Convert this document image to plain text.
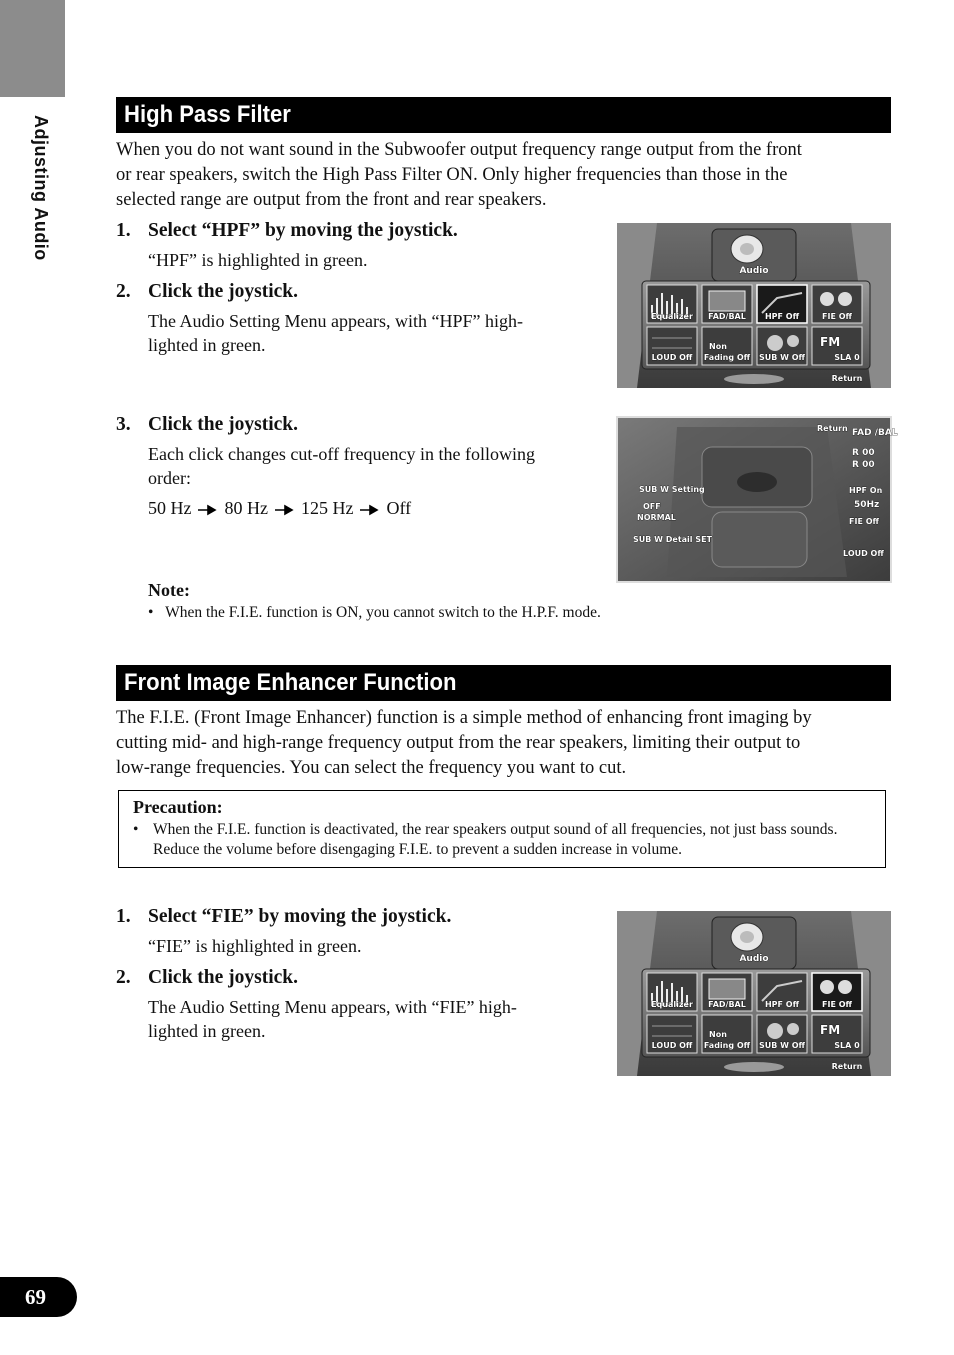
Adjusting Audio
High Pass Filter

When you do not want sound in the Subwoofer output frequency range output from the front
or rear speakers, switch the High Pass Filter ON. Only higher frequencies than those in the
selected range are output from the front and rear speakers.

1. Select “HPF” by moving the joystick.

“HPF” is highlighted in green.

2. Click the joystick.

The Audio Setting Menu appears, with “HPF” high-
lighted in green.

3. Click the joystick.

Each click changes cut-off frequency in the following
order:

50 Hz 80 Hz 125 Hz Off

Note:

• When the F.I.E. function is ON, you cannot switch to the H.P.F. mode.

Audio
Equalizer FAD/BAL HPF Off	FIE Off
LOUD Off
Non
Fading Off SUB W Off
FM
SLA 0
Return
Return FAD /BAL
R 00
R 00
HPF On
50Hz
FIE Off
LOUD Off
SUB W Setting
OFF
NORMAL
SUB W Detail SET
Front Image Enhancer Function

The F.I.E. (Front Image Enhancer) function is a simple method of enhancing front imaging by
cutting mid- and high-range frequency output from the rear speakers, limiting their output to
low-range frequencies. You can select the frequency you want to cut.

Precaution:
• When the F.I.E. function is deactivated, the rear speakers output sound of all frequencies, not just bass sounds. Reduce the volume before disengaging F.I.E. to prevent a sudden increase in volume.

1. Select “FIE” by moving the joystick.

“FIE” is highlighted in green.

2. Click the joystick.

The Audio Setting Menu appears, with “FIE” high-
lighted in green.

Audio
Equalizer FAD/BAL HPF Off	FIE Off
LOUD Off
Non
Fading Off SUB W Off
FM
SLA 0
Return
69
